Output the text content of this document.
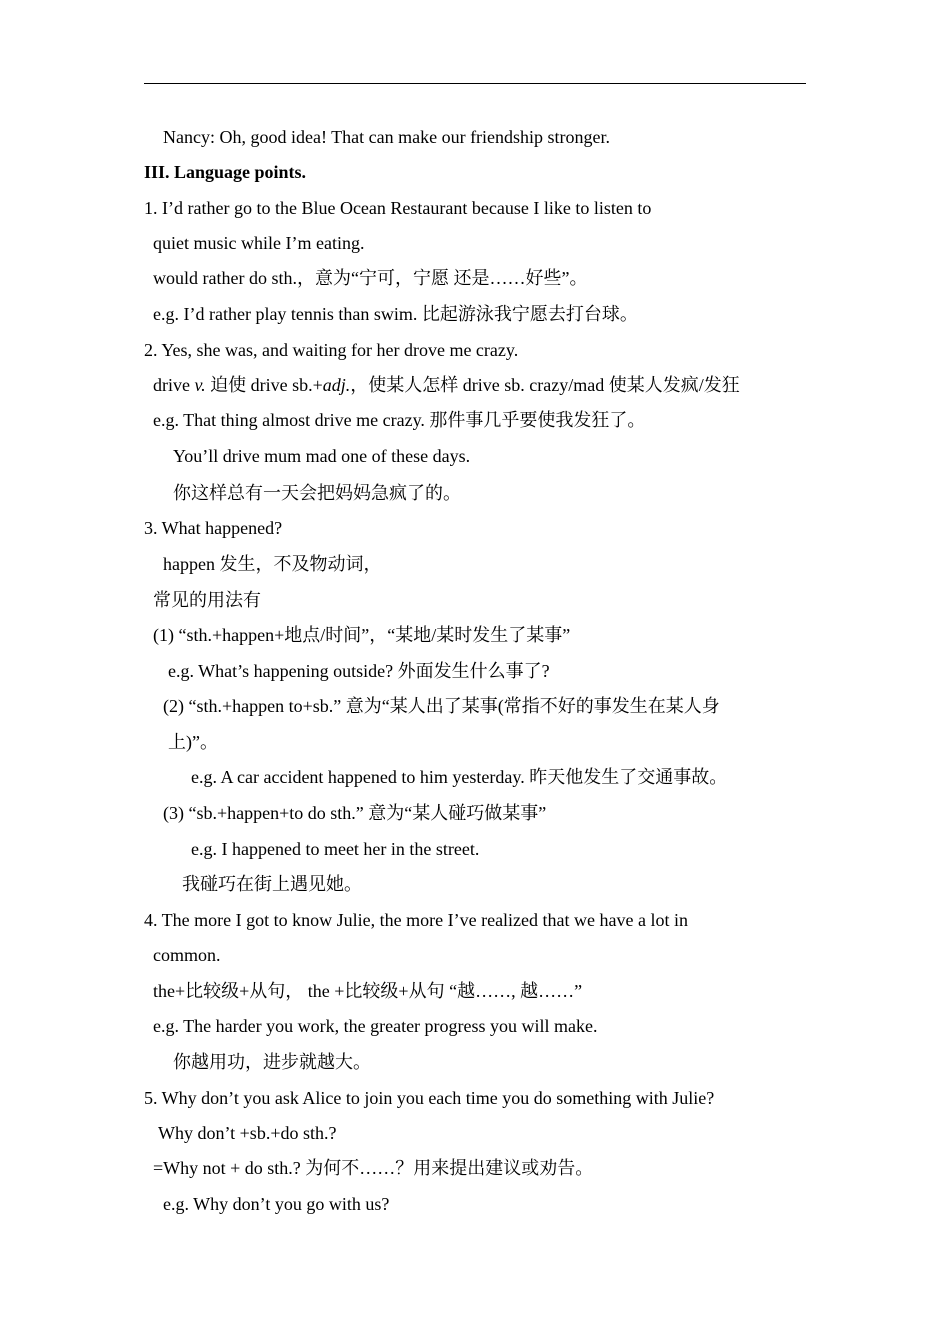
Nancy: Oh, good idea! That can make our friendship stronger.
III. Language points.
1. I’d rather go to the Blue Ocean Restaurant because I like to listen to
quiet music while I’m eating.
would rather do sth.，意为“宁可，宁愿 还是……好些”。
e.g. I’d rather play tennis than swim. 比起游泳我宁愿去打台球。
2. Yes, she was, and waiting for her drove me crazy.
drive v. 迫使 drive sb.+adj.，使某人怎样 drive sb. crazy/mad 使某人发疯/发狂
e.g. That thing almost drive me crazy. 那件事几乎要使我发狂了。
You’ll drive mum mad one of these days.
你这样总有一天会把妈妈急疯了的。
3. What happened?
happen 发生，不及物动词，
常见的用法有
(1) “sth.+happen+地点/时间”，“某地/某时发生了某事”
e.g. What’s happening outside? 外面发生什么事了?
(2) “sth.+happen to+sb.” 意为“某人出了某事(常指不好的事发生在某人身
上)”。
e.g. A car accident happened to him yesterday. 昨天他发生了交通事故。
(3) “sb.+happen+to do sth.” 意为“某人碰巧做某事”
e.g. I happened to meet her in the street.
我碰巧在街上遇见她。
4. The more I got to know Julie, the more I’ve realized that we have a lot in
common.
the+比较级+从句， the +比较级+从句 “越……, 越……”
e.g. The harder you work, the greater progress you will make.
你越用功，进步就越大。
5. Why don’t you ask Alice to join you each time you do something with Julie?
Why don’t +sb.+do sth.?
=Why not + do sth.? 为何不……？用来提出建议或劝告。
e.g. Why don’t you go with us?
